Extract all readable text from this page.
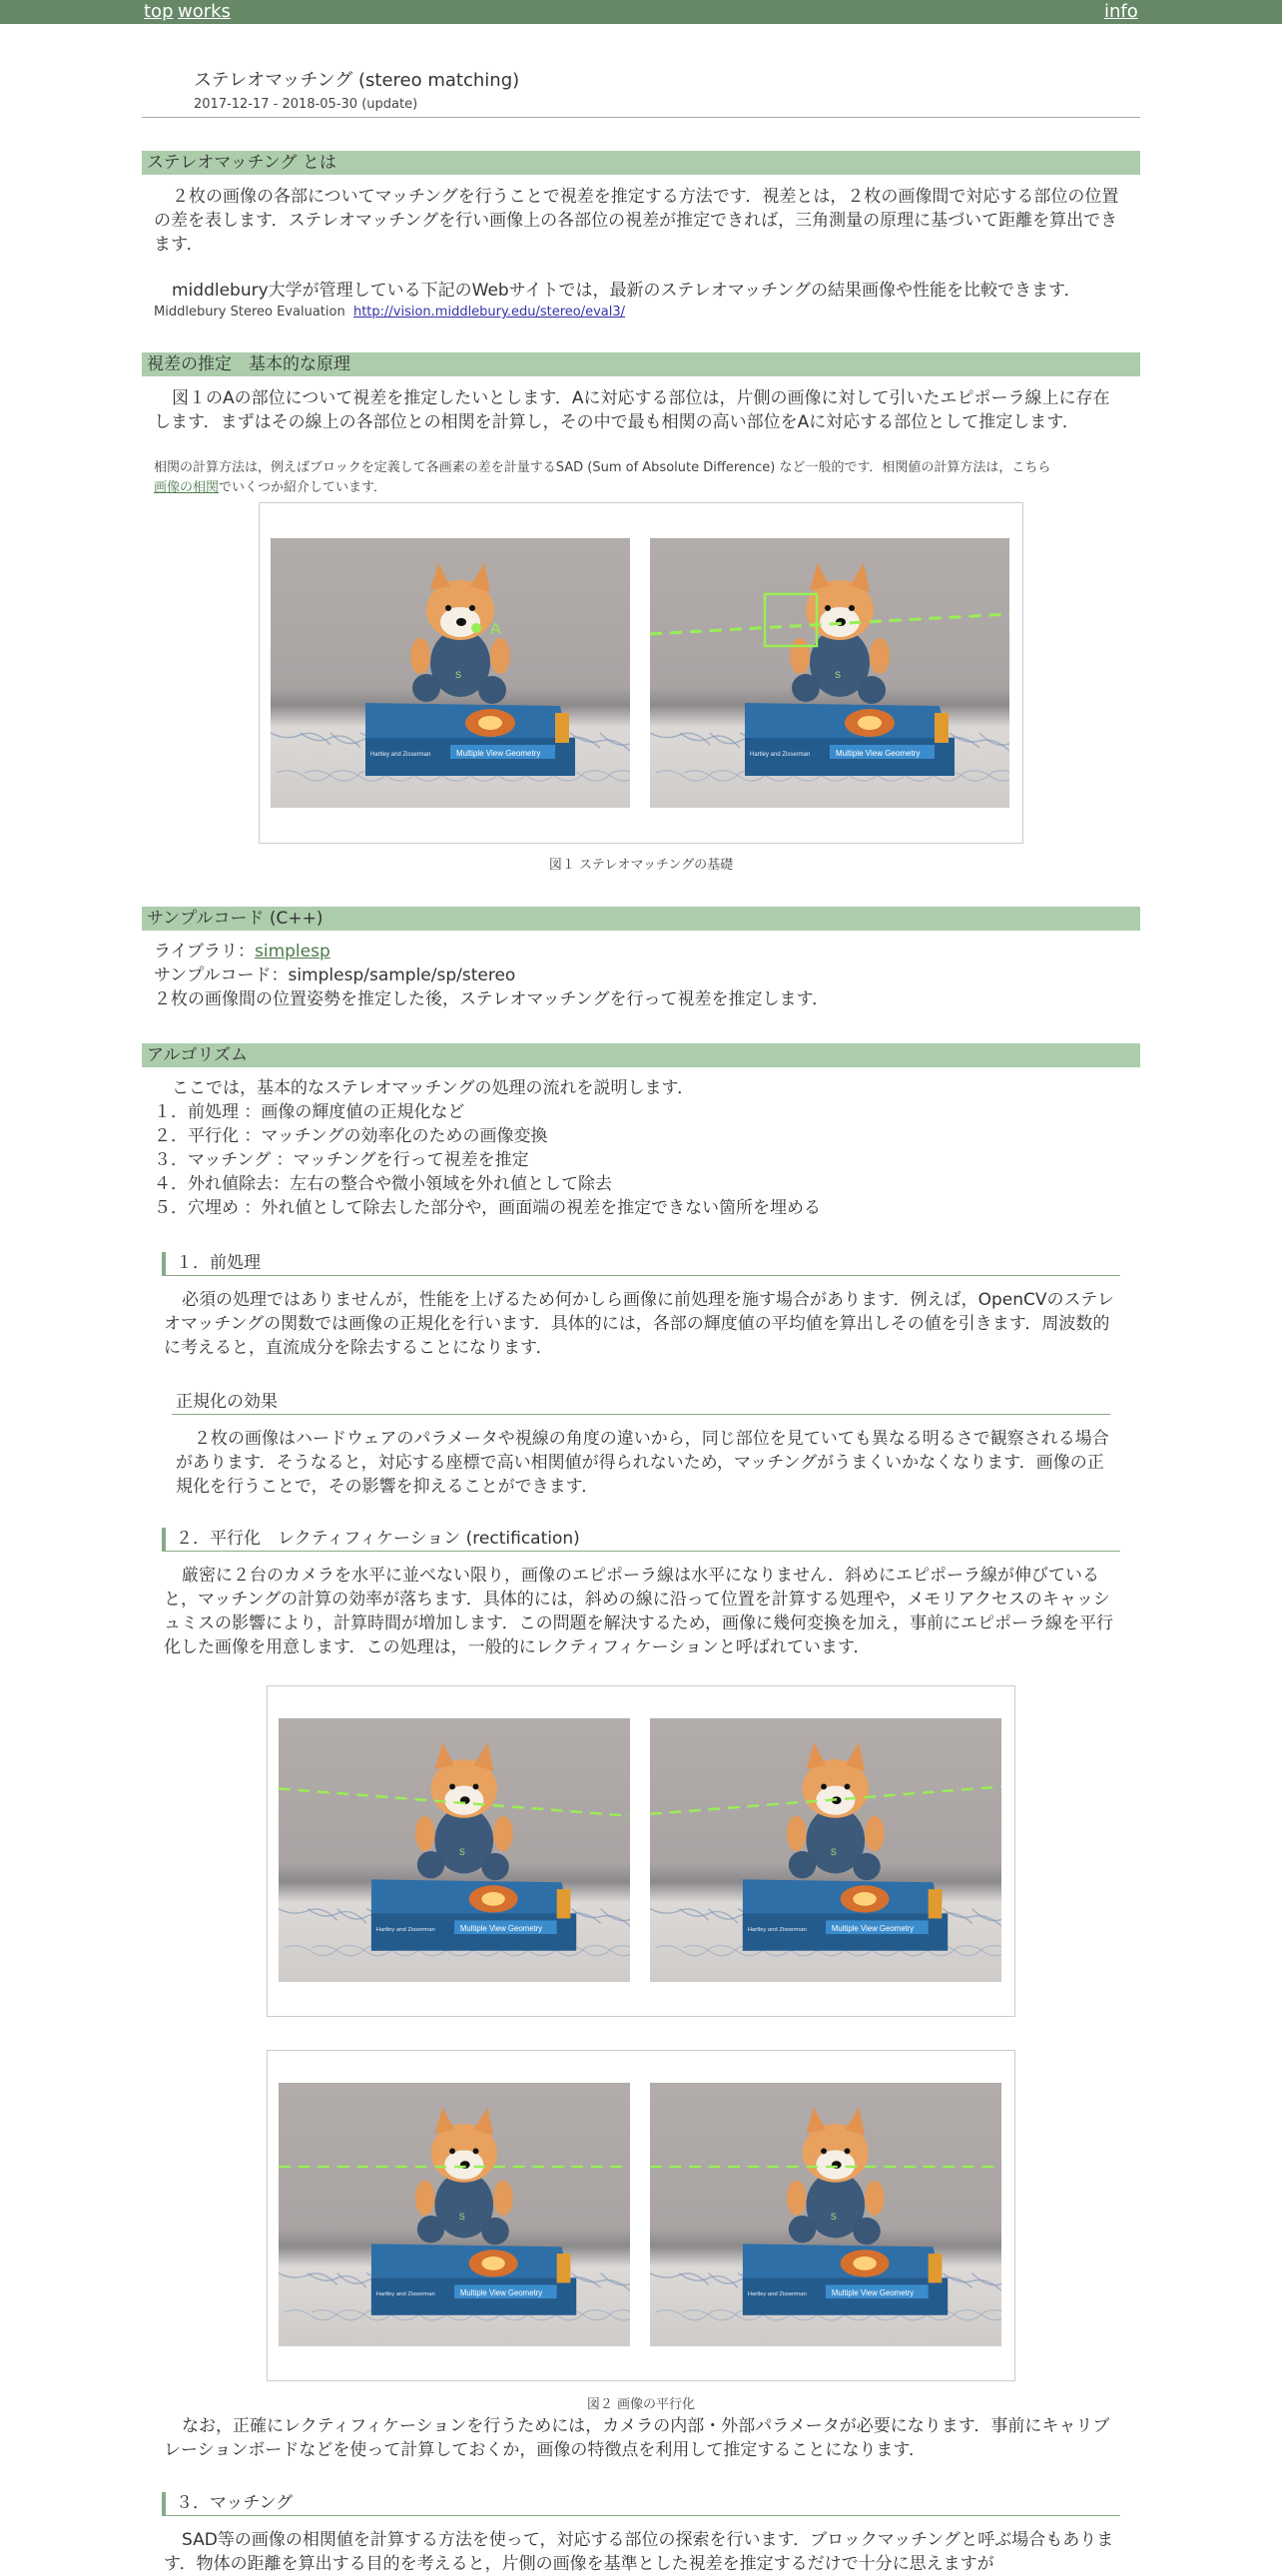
top works	info
ステレオマッチング (stereo matching)
2017-12-17 - 2018-05-30 (update)
ステレオマッチング とは

２枚の画像の各部についてマッチングを行うことで視差を推定する方法です．視差とは，２枚の画像間で対応する部位の位置の差を表します．ステレオマッチングを行い画像上の各部位の視差が推定できれば，三角測量の原理に基づいて距離を算出できます．

middlebury大学が管理している下記のWebサイトでは，最新のステレオマッチングの結果画像や性能を比較できます．

Middlebury Stereo Evaluation http://vision.middlebury.edu/stereo/eval3/

視差の推定　基本的な原理

図１のAの部位について視差を推定したいとします．Aに対応する部位は，片側の画像に対して引いたエピポーラ線上に存在します．まずはその線上の各部位との相関を計算し，その中で最も相関の高い部位をAに対応する部位として推定します．

相関の計算方法は，例えばブロックを定義して各画素の差を計量するSAD (Sum of Absolute Difference) など一般的です．相関値の計算方法は，こちら
画像の相関でいくつか紹介しています．

Multiple View Geometry
Hartley and Zisserman
S
A
Multiple View Geometry
Hartley and Zisserman
S
図１ ステレオマッチングの基礎
サンプルコード (C++)

ライブラリ：simplesp

サンプルコード：simplesp/sample/sp/stereo

２枚の画像間の位置姿勢を推定した後，ステレオマッチングを行って視差を推定します．

アルゴリズム

ここでは，基本的なステレオマッチングの処理の流れを説明します．

１．前処理 ：画像の輝度値の正規化など
２．平行化 ：マッチングの効率化のための画像変換
３．マッチング ：マッチングを行って視差を推定
４．外れ値除去：左右の整合や微小領域を外れ値として除去
５．穴埋め ：外れ値として除去した部分や，画面端の視差を推定できない箇所を埋める
１．前処理

必須の処理ではありませんが，性能を上げるため何かしら画像に前処理を施す場合があります．例えば，OpenCVのステレオマッチングの関数では画像の正規化を行います．具体的には，各部の輝度値の平均値を算出しその値を引きます．周波数的に考えると，直流成分を除去することになります．

正規化の効果

２枚の画像はハードウェアのパラメータや視線の角度の違いから，同じ部位を見ていても異なる明るさで観察される場合があります．そうなると，対応する座標で高い相関値が得られないため，マッチングがうまくいかなくなります．画像の正規化を行うことで，その影響を抑えることができます．

２．平行化　レクティフィケーション (rectification)

厳密に２台のカメラを水平に並べない限り，画像のエピポーラ線は水平になりません．斜めにエピポーラ線が伸びていると，マッチングの計算の効率が落ちます．具体的には，斜めの線に沿って位置を計算する処理や，メモリアクセスのキャッシュミスの影響により，計算時間が増加します．この問題を解決するため，画像に幾何変換を加え，事前にエピポーラ線を平行化した画像を用意します．この処理は，一般的にレクティフィケーションと呼ばれています．

Multiple View Geometry
Hartley and Zisserman
S
Multiple View Geometry
Hartley and Zisserman
S
Multiple View Geometry
Hartley and Zisserman
S
Multiple View Geometry
Hartley and Zisserman
S
図２ 画像の平行化

なお，正確にレクティフィケーションを行うためには，カメラの内部・外部パラメータが必要になります．事前にキャリブレーションボードなどを使って計算しておくか，画像の特徴点を利用して推定することになります．

３．マッチング

SAD等の画像の相関値を計算する方法を使って，対応する部位の探索を行います．ブロックマッチングと呼ぶ場合もあります．物体の距離を算出する目的を考えると，片側の画像を基準とした視差を推定するだけで十分に思えますが
